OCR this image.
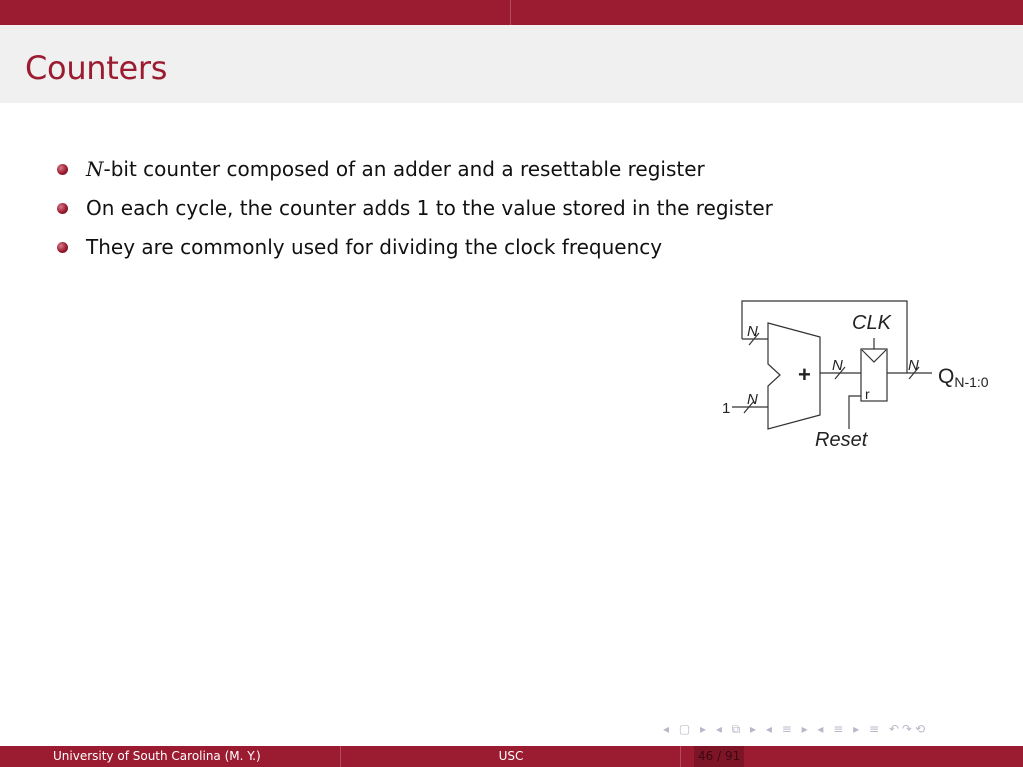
Counters
N-bit counter composed of an adder and a resettable register
On each cycle, the counter adds 1 to the value stored in the register
They are commonly used for dividing the clock frequency
N
N
N	N
1
+
CLK
r
Reset
QN-1:0
◂ ▢ ▸ ◂ ⧉ ▸ ◂ ≡ ▸ ◂ ≡ ▸ ≡ ↶↷⟲
University of South Carolina (M. Y.)	USC	46 / 91
